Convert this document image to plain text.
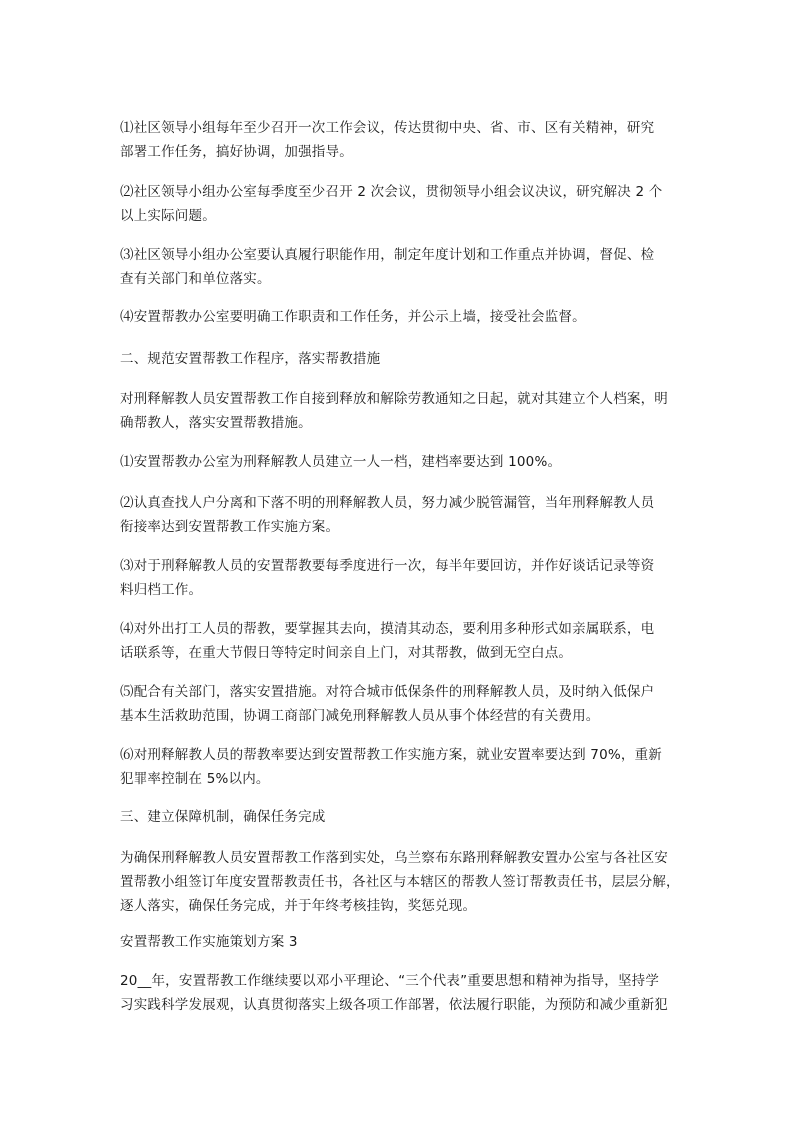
⑴社区领导小组每年至少召开一次工作会议，传达贯彻中央、省、市、区有关精神，研究
部署工作任务，搞好协调，加强指导。

⑵社区领导小组办公室每季度至少召开 2 次会议，贯彻领导小组会议决议，研究解决 2 个
以上实际问题。

⑶社区领导小组办公室要认真履行职能作用，制定年度计划和工作重点并协调，督促、检
查有关部门和单位落实。

⑷安置帮教办公室要明确工作职责和工作任务，并公示上墙，接受社会监督。

二、规范安置帮教工作程序，落实帮教措施

对刑释解教人员安置帮教工作自接到释放和解除劳教通知之日起，就对其建立个人档案，明
确帮教人，落实安置帮教措施。

⑴安置帮教办公室为刑释解教人员建立一人一档，建档率要达到 100%。

⑵认真查找人户分离和下落不明的刑释解教人员，努力减少脱管漏管，当年刑释解教人员
衔接率达到安置帮教工作实施方案。

⑶对于刑释解教人员的安置帮教要每季度进行一次，每半年要回访，并作好谈话记录等资
料归档工作。

⑷对外出打工人员的帮教，要掌握其去向，摸清其动态，要利用多种形式如亲属联系，电
话联系等，在重大节假日等特定时间亲自上门，对其帮教，做到无空白点。

⑸配合有关部门，落实安置措施。对符合城市低保条件的刑释解教人员，及时纳入低保户
基本生活救助范围，协调工商部门减免刑释解教人员从事个体经营的有关费用。

⑹对刑释解教人员的帮教率要达到安置帮教工作实施方案，就业安置率要达到 70%，重新
犯罪率控制在 5%以内。

三、建立保障机制，确保任务完成

为确保刑释解教人员安置帮教工作落到实处，乌兰察布东路刑释解教安置办公室与各社区安
置帮教小组签订年度安置帮教责任书，各社区与本辖区的帮教人签订帮教责任书，层层分解，
逐人落实，确保任务完成，并于年终考核挂钩，奖惩兑现。

安置帮教工作实施策划方案 3

20__年，安置帮教工作继续要以邓小平理论、“三个代表”重要思想和精神为指导，坚持学
习实践科学发展观，认真贯彻落实上级各项工作部署，依法履行职能，为预防和减少重新犯
